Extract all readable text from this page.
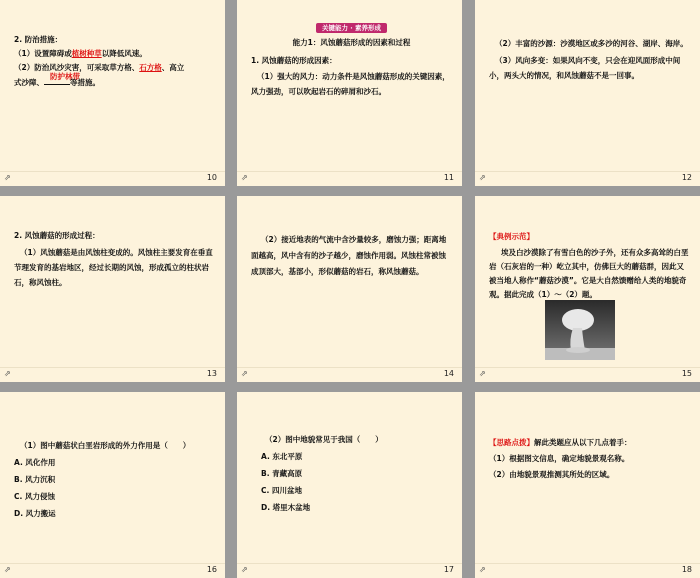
2. 防治措施：

（1）设置障碍或植树种草以降低风速。

（2）防治风沙灾害，可采取草方格、石方格、高立

式沙障、
防护林带
等措施。

⇗	10

关键能力 · 素养形成

能力1：风蚀蘑菇形成的因素和过程

1. 风蚀蘑菇的形成因素：

（1）强大的风力：动力条件是风蚀蘑菇形成的关键因素，风力强劲，可以吹起岩石的碎屑和沙石。

⇗	11

（2）丰富的沙源：沙漠地区或多沙的河谷、湖岸、海岸。

（3）风向多变：如果风向不变，只会在迎风面形成中间小，两头大的情况，和风蚀蘑菇不是一回事。

⇗	12

2. 风蚀蘑菇的形成过程：

（1）风蚀蘑菇是由风蚀柱变成的。风蚀柱主要发育在垂直节理发育的基岩地区，经过长期的风蚀，形成孤立的柱状岩石，称风蚀柱。

⇗	13

（2）接近地表的气流中含沙量较多，磨蚀力强；距离地面越高，风中含有的沙子越少，磨蚀作用弱。风蚀柱常被蚀成顶部大，基部小，形似蘑菇的岩石，称风蚀蘑菇。

⇗	14

【典例示范】

埃及白沙漠除了有雪白色的沙子外，还有众多高耸的白垩岩（石灰岩的一种）屹立其中，仿佛巨大的蘑菇群，因此又被当地人称作“蘑菇沙漠”。它是大自然馈赠给人类的地貌奇观。据此完成（1）～（2）题。

⇗	15

（1）图中蘑菇状白垩岩形成的外力作用是（　　）

A. 风化作用

B. 风力沉积

C. 风力侵蚀

D. 风力搬运

⇗	16

（2）图中地貌常见于我国（　　）

A. 东北平原

B. 青藏高原

C. 四川盆地

D. 塔里木盆地

⇗	17

【思路点拨】解此类题应从以下几点着手：

（1）根据图文信息，确定地貌景观名称。

（2）由地貌景观推测其所处的区域。

⇗	18
